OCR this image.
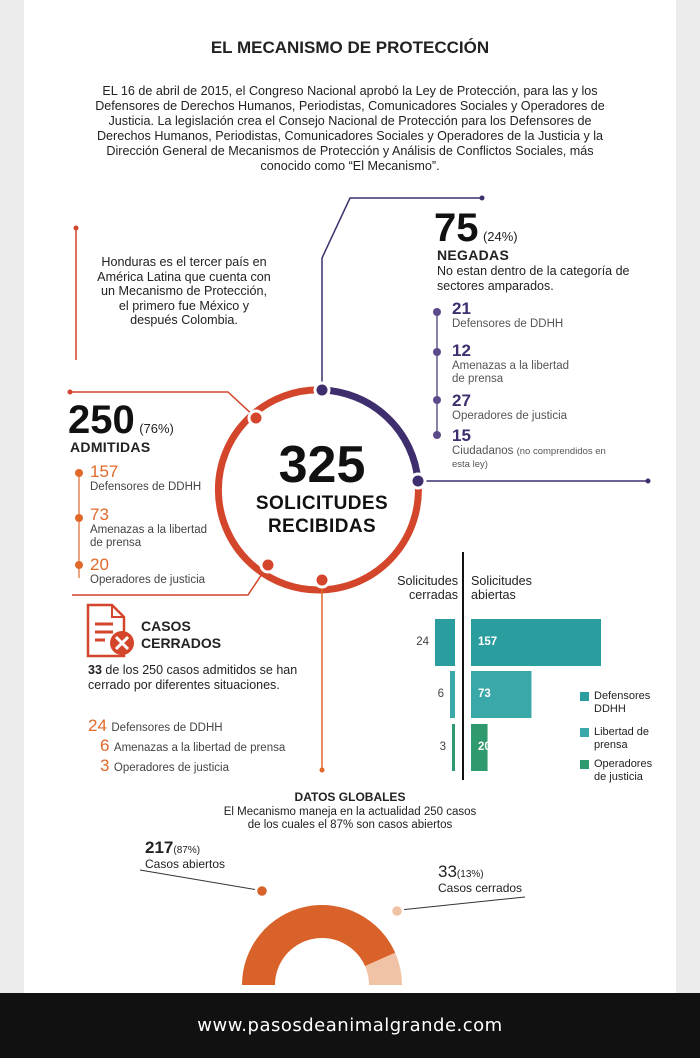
EL MECANISMO DE PROTECCIÓN
EL 16 de abril de 2015, el Congreso Nacional aprobó la Ley de Protección, para las y los Defensores de Derechos Humanos, Periodistas, Comunicadores Sociales y Operadores de Justicia. La legislación crea el Consejo Nacional de Protección para los Defensores de Derechos Humanos, Periodistas, Comunicadores Sociales y Operadores de la Justicia y la Dirección General de Mecanismos de Protección y Análisis de Conflictos Sociales, más conocido como “El Mecanismo”.
Honduras es el tercer país en América Latina que cuenta con un Mecanismo de Protección, el primero fue México y después Colombia.
75 (24%)
NEGADAS
No estan dentro de la categoría de sectores amparados.
21
Defensores de DDHH
12
Amenazas a la libertad de prensa
27
Operadores de justicia
15
Ciudadanos (no comprendidos en esta ley)
325
SOLICITUDES
RECIBIDAS
250 (76%)
ADMITIDAS
157
Defensores de DDHH
73
Amenazas a la libertad de prensa
20
Operadores de justicia
CASOS
CERRADOS
33 de los 250 casos admitidos se han cerrado por diferentes situaciones.
24 Defensores de DDHH
6 Amenazas a la libertad de prensa
3 Operadores de justicia
Solicitudes cerradas
Solicitudes abiertas
24	157
6	73
3	20
Defensores DDHH
Libertad de prensa
Operadores de justicia
DATOS GLOBALES
El Mecanismo maneja en la actualidad 250 casos de los cuales el 87% son casos abiertos
217(87%)
Casos abiertos	33(13%)
Casos cerrados
www.pasosdeanimalgrande.com
